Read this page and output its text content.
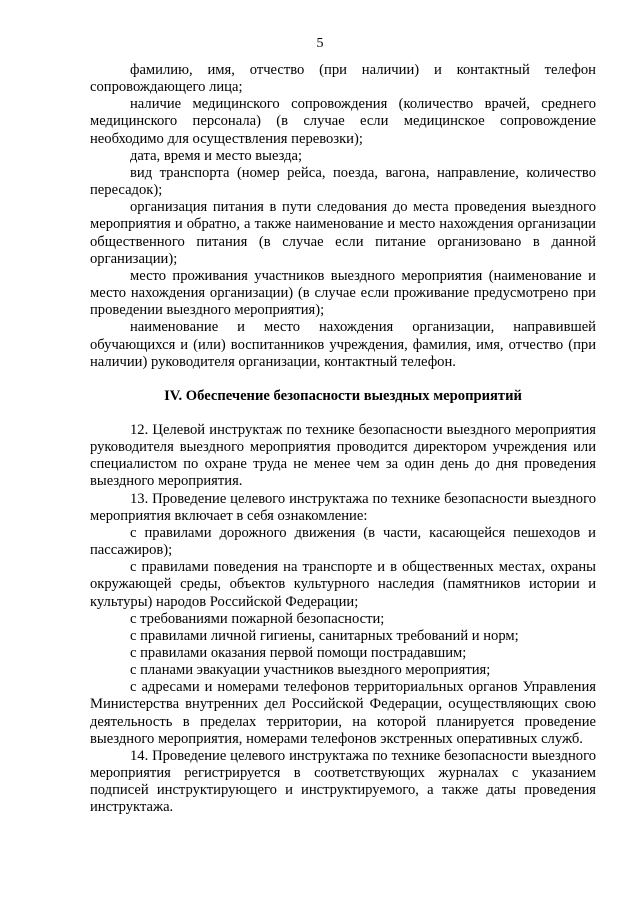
5

фамилию, имя, отчество (при наличии) и контактный телефон сопровождающего лица;

наличие медицинского сопровождения (количество врачей, среднего медицинского персонала) (в случае если медицинское сопровождение необходимо для осуществления перевозки);

дата, время и место выезда;

вид транспорта (номер рейса, поезда, вагона, направление, количество пересадок);

организация питания в пути следования до места проведения выездного мероприятия и обратно, а также наименование и место нахождения организации общественного питания (в случае если питание организовано в данной организации);

место проживания участников выездного мероприятия (наименование и место нахождения организации) (в случае если проживание предусмотрено при проведении выездного мероприятия);

наименование и место нахождения организации, направившей обучающихся и (или) воспитанников учреждения, фамилия, имя, отчество (при наличии) руководителя организации, контактный телефон.

IV. Обеспечение безопасности выездных мероприятий

12. Целевой инструктаж по технике безопасности выездного мероприятия руководителя выездного мероприятия проводится директором учреждения или специалистом по охране труда не менее чем за один день до дня проведения выездного мероприятия.

13. Проведение целевого инструктажа по технике безопасности выездного мероприятия включает в себя ознакомление:

с правилами дорожного движения (в части, касающейся пешеходов и пассажиров);

с правилами поведения на транспорте и в общественных местах, охраны окружающей среды, объектов культурного наследия (памятников истории и культуры) народов Российской Федерации;

с требованиями пожарной безопасности;

с правилами личной гигиены, санитарных требований и норм;

с правилами оказания первой помощи пострадавшим;

с планами эвакуации участников выездного мероприятия;

с адресами и номерами телефонов территориальных органов Управления Министерства внутренних дел Российской Федерации, осуществляющих свою деятельность в пределах территории, на которой планируется проведение выездного мероприятия, номерами телефонов экстренных оперативных служб.

14. Проведение целевого инструктажа по технике безопасности выездного мероприятия регистрируется в соответствующих журналах с указанием подписей инструктирующего и инструктируемого, а также даты проведения инструктажа.
